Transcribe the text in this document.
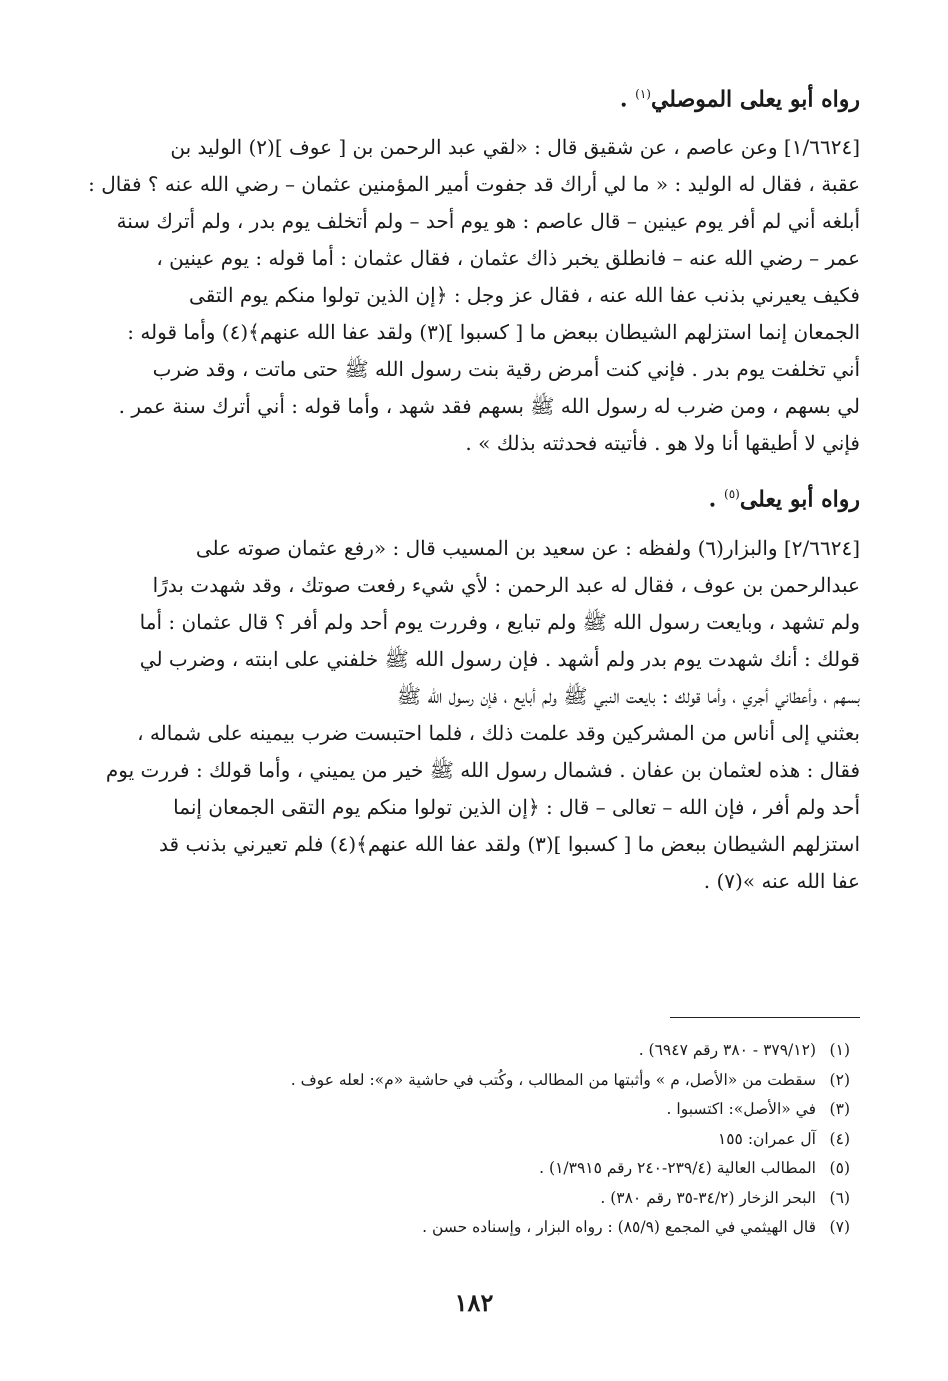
رواه أبو يعلى الموصلي$^{(١)}$ .
[١/٦٦٢٤] وعن عاصم ، عن شقيق قال : «لقي عبد الرحمن بن [ عوف ](٢) الوليد بن
عقبة ، فقال له الوليد : « ما لي أراك قد جفوت أمير المؤمنين عثمان – رضي الله عنه ؟ فقال :
أبلغه أني لم أفر يوم عينين – قال عاصم : هو يوم أحد – ولم أتخلف يوم بدر ، ولم أترك سنة
عمر – رضي الله عنه – فانطلق يخبر ذاك عثمان ، فقال عثمان : أما قوله : يوم عينين ،
فكيف يعيرني بذنب عفا الله عنه ، فقال عز وجل : ﴿إن الذين تولوا منكم يوم التقى
الجمعان إنما استزلهم الشيطان ببعض ما [ كسبوا ](٣) ولقد عفا الله عنهم﴾(٤) وأما قوله :
أني تخلفت يوم بدر . فإني كنت أمرض رقية بنت رسول الله ﷺ حتى ماتت ، وقد ضرب
لي بسهم ، ومن ضرب له رسول الله ﷺ بسهم فقد شهد ، وأما قوله : أني أترك سنة عمر .
فإني لا أطيقها أنا ولا هو . فأتيته فحدثته بذلك » .
رواه أبو يعلى$^{(٥)}$ .
[٢/٦٦٢٤] والبزار(٦) ولفظه : عن سعيد بن المسيب قال : «رفع عثمان صوته على
عبدالرحمن بن عوف ، فقال له عبد الرحمن : لأي شيء رفعت صوتك ، وقد شهدت بدرًا
ولم تشهد ، وبايعت رسول الله ﷺ ولم تبايع ، وفررت يوم أحد ولم أفر ؟ قال عثمان : أما
قولك : أنك شهدت يوم بدر ولم أشهد . فإن رسول الله ﷺ خلفني على ابنته ، وضرب لي
بسهم ، وأعطاني أجري ، وأما قولك : بايعت النبي ﷺ ولم أبايع ، فإن رسول الله ﷺ
بعثني إلى أناس من المشركين وقد علمت ذلك ، فلما احتبست ضرب بيمينه على شماله ،
فقال : هذه لعثمان بن عفان . فشمال رسول الله ﷺ خير من يميني ، وأما قولك : فررت يوم
أحد ولم أفر ، فإن الله – تعالى – قال : ﴿إن الذين تولوا منكم يوم التقى الجمعان إنما
استزلهم الشيطان ببعض ما [ كسبوا ](٣) ولقد عفا الله عنهم﴾(٤) فلم تعيرني بذنب قد
عفا الله عنه »(٧) .
(١)(٣٧٩/١٢ - ٣٨٠ رقم ٦٩٤٧) .
(٢)سقطت من «الأصل، م » وأثبتها من المطالب ، وكُتب في حاشية «م»: لعله عوف .
(٣)في «الأصل»: اكتسبوا .
(٤)آل عمران: ١٥٥
(٥)المطالب العالية (٢٣٩/٤-٢٤٠ رقم ١/٣٩١٥) .
(٦)البحر الزخار (٣٤/٢-٣٥ رقم ٣٨٠) .
(٧)قال الهيثمي في المجمع (٨٥/٩) : رواه البزار ، وإسناده حسن .
١٨٢
